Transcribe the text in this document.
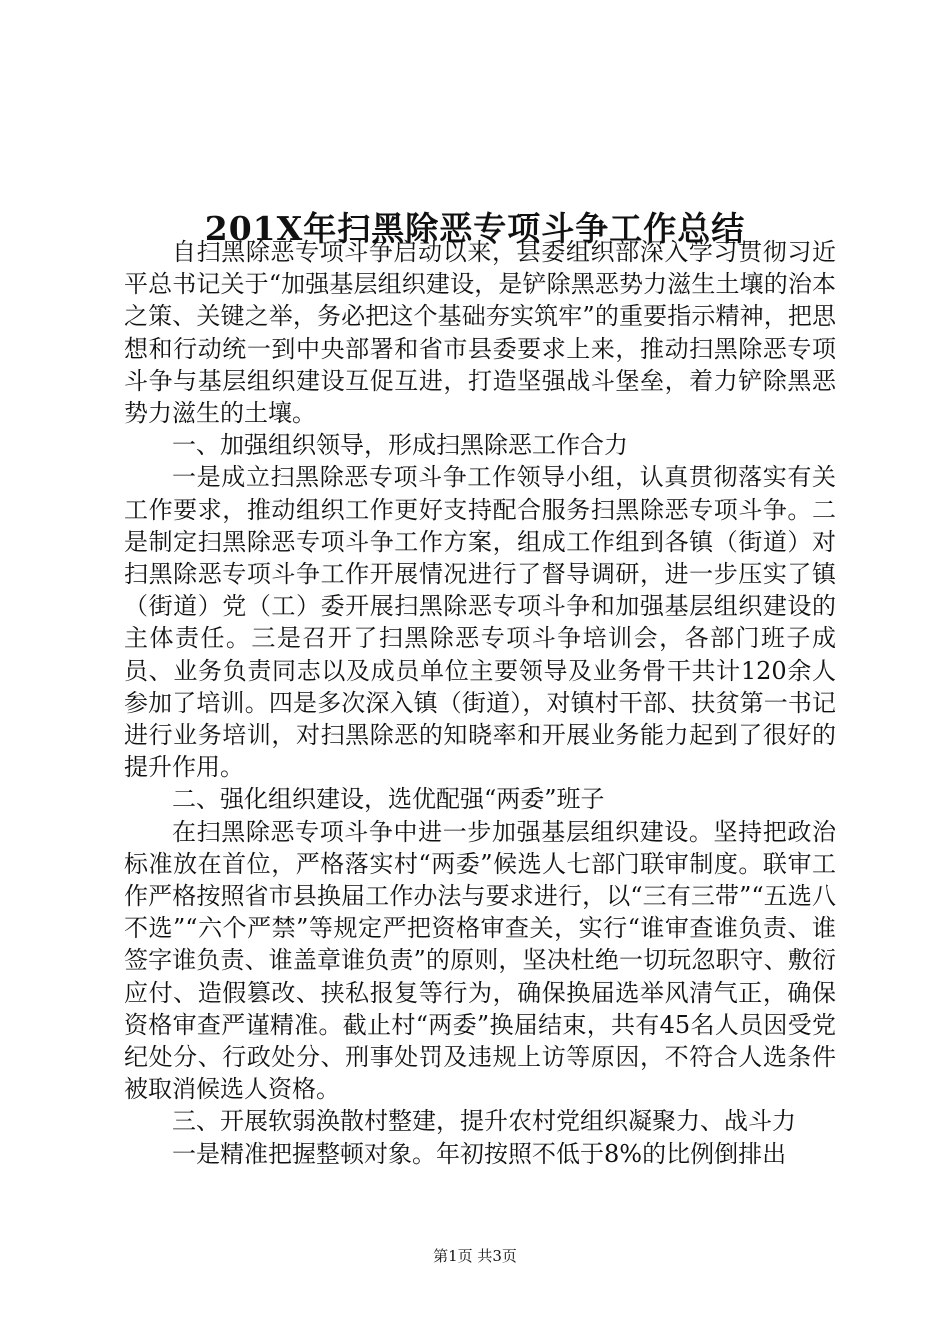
201X年扫黑除恶专项斗争工作总结

自扫黑除恶专项斗争启动以来，县委组织部深入学习贯彻习近平总书记关于“加强基层组织建设，是铲除黑恶势力滋生土壤的治本之策、关键之举，务必把这个基础夯实筑牢”的重要指示精神，把思想和行动统一到中央部署和省市县委要求上来，推动扫黑除恶专项斗争与基层组织建设互促互进，打造坚强战斗堡垒，着力铲除黑恶势力滋生的土壤。

一、加强组织领导，形成扫黑除恶工作合力

一是成立扫黑除恶专项斗争工作领导小组，认真贯彻落实有关工作要求，推动组织工作更好支持配合服务扫黑除恶专项斗争。二是制定扫黑除恶专项斗争工作方案，组成工作组到各镇（街道）对扫黑除恶专项斗争工作开展情况进行了督导调研，进一步压实了镇（街道）党（工）委开展扫黑除恶专项斗争和加强基层组织建设的主体责任。三是召开了扫黑除恶专项斗争培训会，各部门班子成员、业务负责同志以及成员单位主要领导及业务骨干共计120余人参加了培训。四是多次深入镇（街道），对镇村干部、扶贫第一书记进行业务培训，对扫黑除恶的知晓率和开展业务能力起到了很好的提升作用。

二、强化组织建设，选优配强“两委”班子

在扫黑除恶专项斗争中进一步加强基层组织建设。坚持把政治标准放在首位，严格落实村“两委”候选人七部门联审制度。联审工作严格按照省市县换届工作办法与要求进行，以“三有三带”“五选八不选”“六个严禁”等规定严把资格审查关，实行“谁审查谁负责、谁签字谁负责、谁盖章谁负责”的原则，坚决杜绝一切玩忽职守、敷衍应付、造假篡改、挟私报复等行为，确保换届选举风清气正，确保资格审查严谨精准。截止村“两委”换届结束，共有45名人员因受党纪处分、行政处分、刑事处罚及违规上访等原因，不符合人选条件被取消候选人资格。

三、开展软弱涣散村整建，提升农村党组织凝聚力、战斗力

一是精准把握整顿对象。年初按照不低于8%的比例倒排出

第1页 共3页
